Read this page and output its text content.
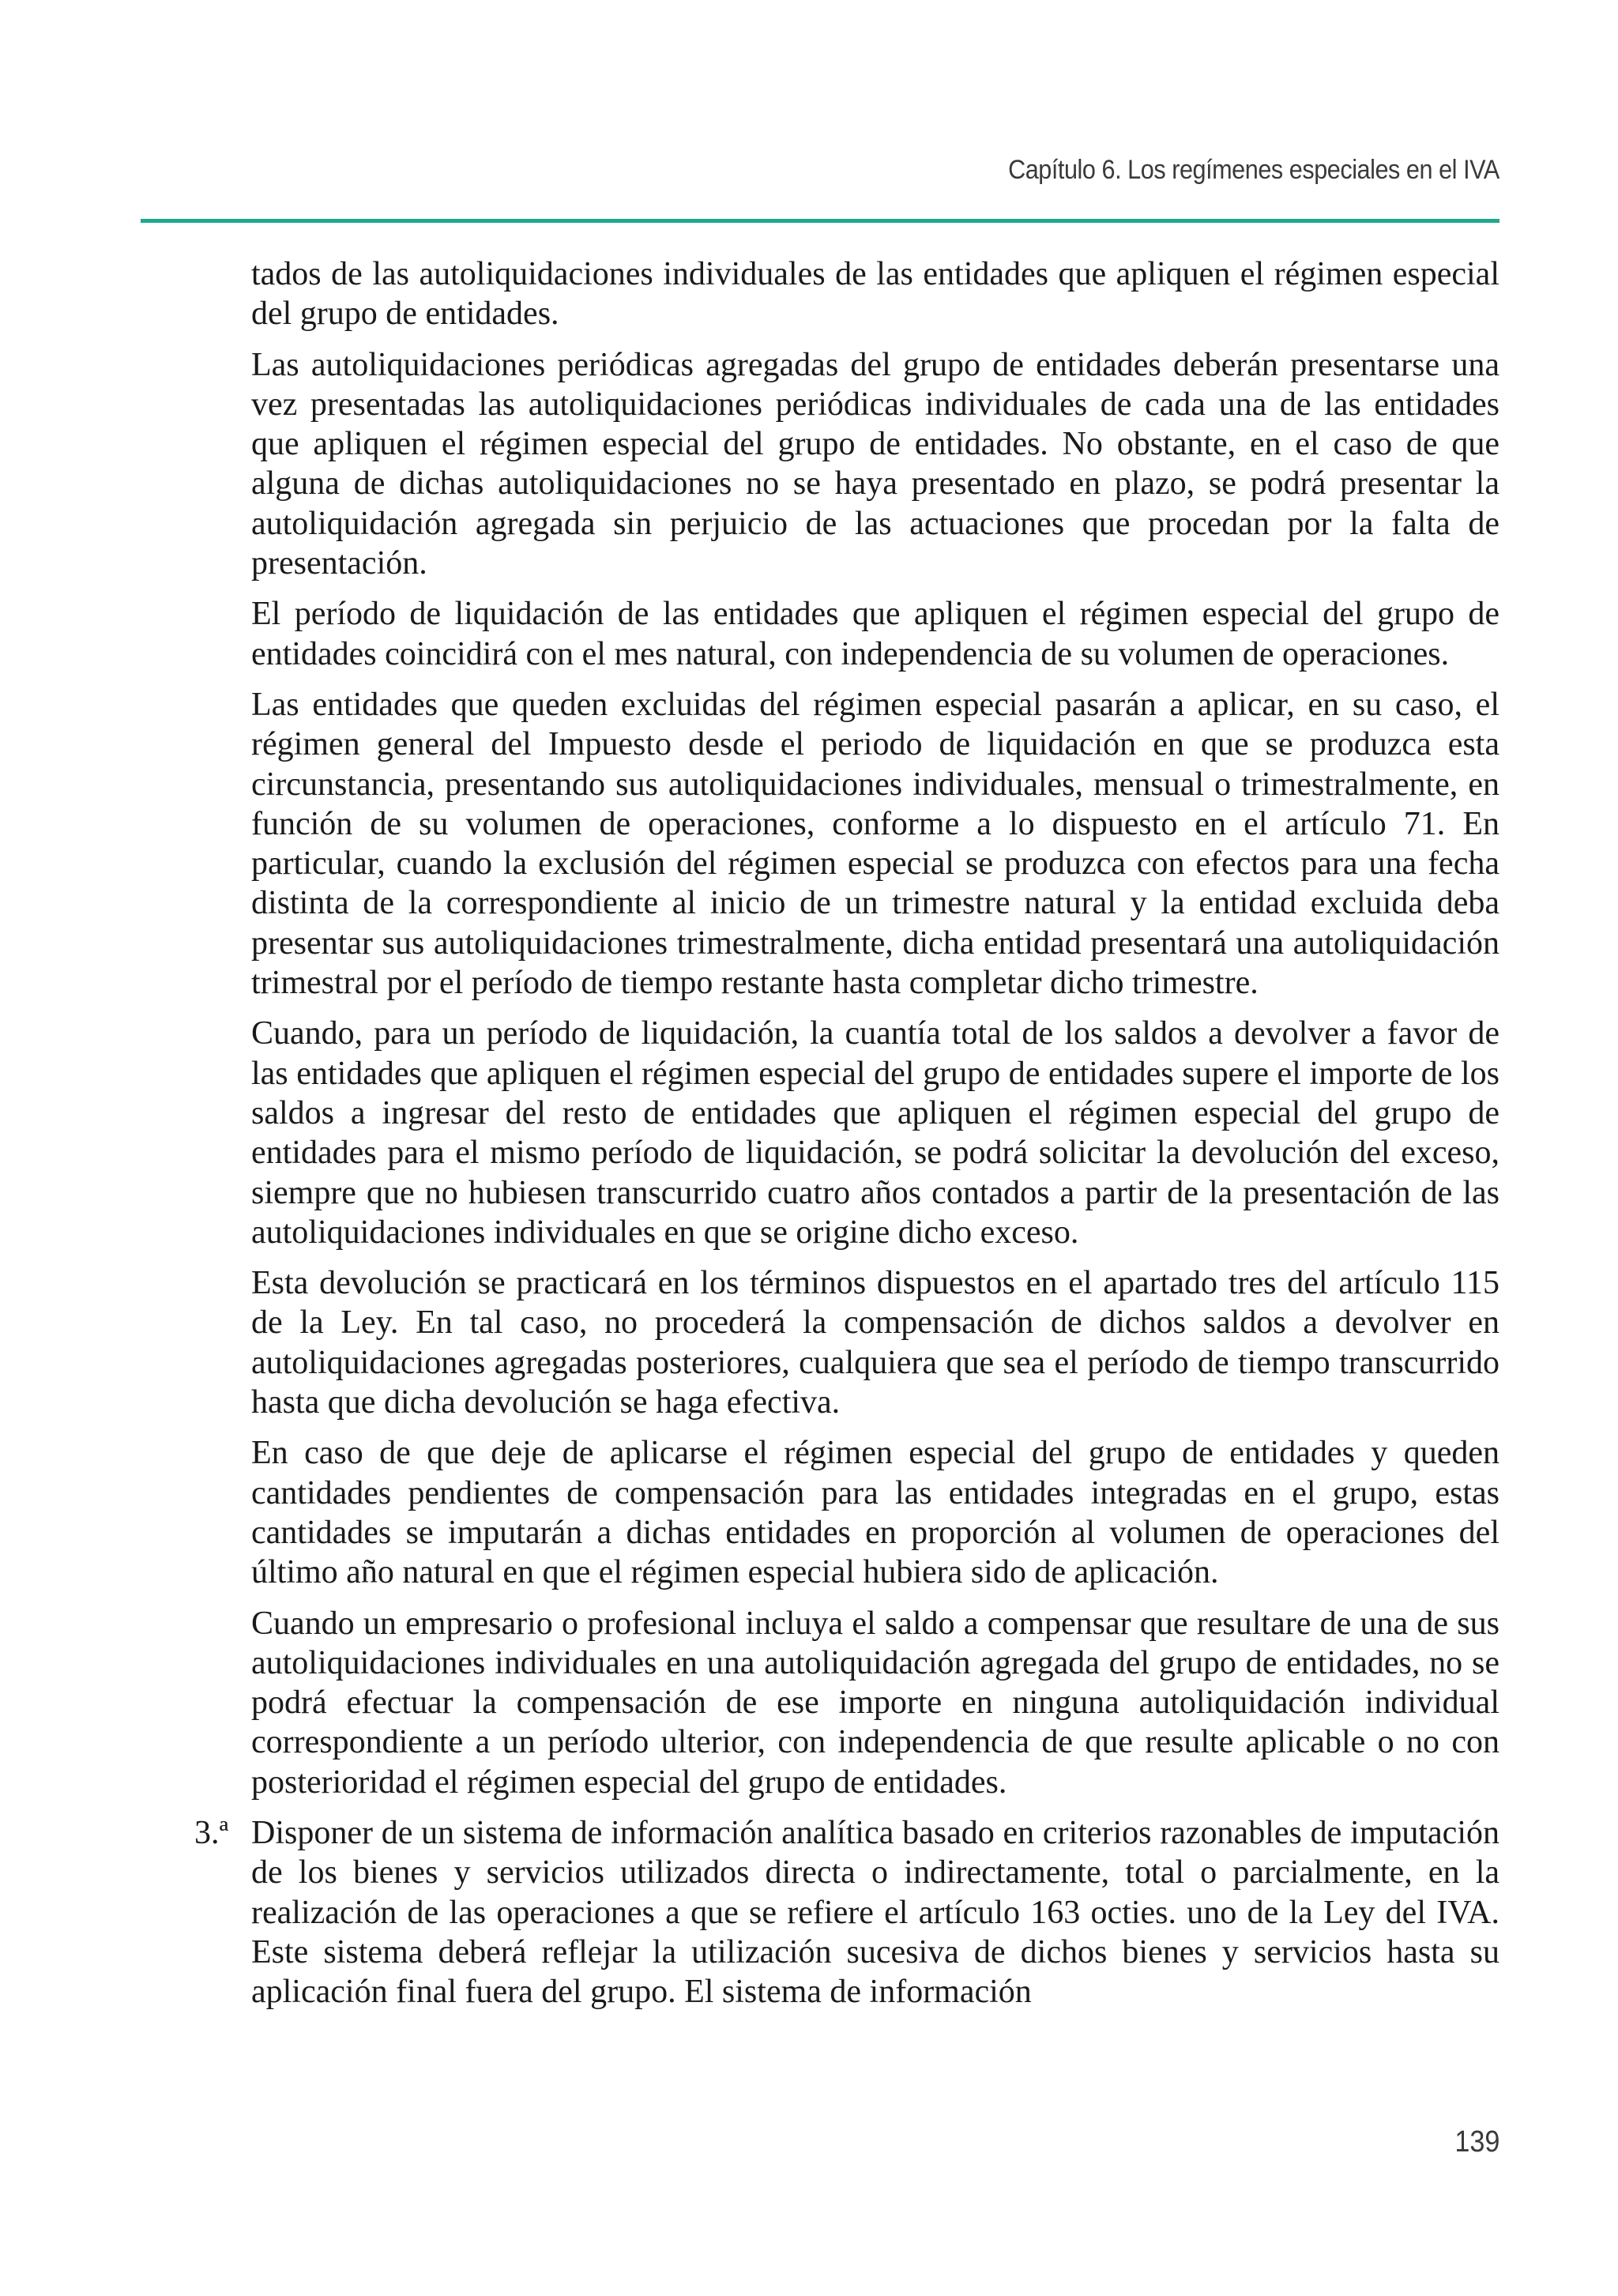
Capítulo 6. Los regímenes especiales en el IVA

tados de las autoliquidaciones individuales de las entidades que apliquen el régimen especial del grupo de entidades.

Las autoliquidaciones periódicas agregadas del grupo de entidades deberán presentarse una vez presentadas las autoliquidaciones periódicas individuales de cada una de las entidades que apliquen el régimen especial del grupo de entidades. No obstante, en el caso de que alguna de dichas autoliquidaciones no se haya presentado en plazo, se podrá presentar la autoliquidación agregada sin perjuicio de las actuaciones que procedan por la falta de presentación.

El período de liquidación de las entidades que apliquen el régimen especial del grupo de entidades coincidirá con el mes natural, con independencia de su volumen de operaciones.

Las entidades que queden excluidas del régimen especial pasarán a aplicar, en su caso, el régimen general del Impuesto desde el periodo de liquidación en que se produzca esta circunstancia, presentando sus autoliquidaciones individuales, mensual o trimestralmente, en función de su volumen de operaciones, conforme a lo dispuesto en el artículo 71. En particular, cuando la exclusión del régimen especial se produzca con efectos para una fecha distinta de la correspondiente al inicio de un trimestre natural y la entidad excluida deba presentar sus autoliquidaciones trimestralmente, dicha entidad presentará una autoliquidación trimestral por el período de tiempo restante hasta completar dicho trimestre.

Cuando, para un período de liquidación, la cuantía total de los saldos a devolver a favor de las entidades que apliquen el régimen especial del grupo de entidades supere el importe de los saldos a ingresar del resto de entidades que apliquen el régimen especial del grupo de entidades para el mismo período de liquidación, se podrá solicitar la devolución del exceso, siempre que no hubiesen transcurrido cuatro años contados a partir de la presentación de las autoliquidaciones individuales en que se origine dicho exceso.

Esta devolución se practicará en los términos dispuestos en el apartado tres del artículo 115 de la Ley. En tal caso, no procederá la compensación de dichos saldos a devolver en autoliquidaciones agregadas posteriores, cualquiera que sea el período de tiempo transcurrido hasta que dicha devolución se haga efectiva.

En caso de que deje de aplicarse el régimen especial del grupo de entidades y queden cantidades pendientes de compensación para las entidades integradas en el grupo, estas cantidades se imputarán a dichas entidades en proporción al volumen de operaciones del último año natural en que el régimen especial hubiera sido de aplicación.

Cuando un empresario o profesional incluya el saldo a compensar que resultare de una de sus autoliquidaciones individuales en una autoliquidación agregada del grupo de entidades, no se podrá efectuar la compensación de ese importe en ninguna autoliquidación individual correspondiente a un período ulterior, con independencia de que resulte aplicable o no con posterioridad el régimen especial del grupo de entidades.

3.ª Disponer de un sistema de información analítica basado en criterios razonables de imputación de los bienes y servicios utilizados directa o indirectamente, total o parcialmente, en la realización de las operaciones a que se refiere el artículo 163 octies. uno de la Ley del IVA. Este sistema deberá reflejar la utilización sucesiva de dichos bienes y servicios hasta su aplicación final fuera del grupo. El sistema de información

139
